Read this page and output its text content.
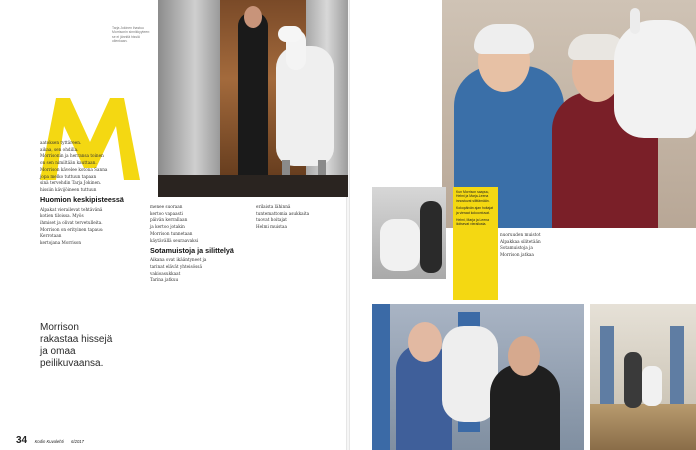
Tarja Jokinen ihastuu Morrisonin sinnikkyyteen: se ei jännitä hissiä ollenkaan.

aatoksen tyttäreen.

aikaa, sen ohdilla.

Morrisonin ja herransa toinen

on sen nimiltään kauttaan.

Morrison kävelee kotona Sanna

jopa melko tuttuun tapaan

sinä tervehdin Tarja Jokinen.

hissiin kävijöineen tuttuun

Huomion keskipisteessä

Alpakat vierailevat tehtävänä

kotien tiloissa. Myös

ihmiset ja olivat tervetulleita.

Morrison on erityinen tapaus:

Kerrotaan

kertojana Morrison

Morrison rakastaa hissejä ja omaa peilikuvaansa.

menee suoraan

kertoo vapaasti

päivän kerrallaan

ja kertoo jotakin

Morrison tunnetaan

käytävällä seuraavaksi

Sotamuistoja ja silittelyä

Aikana ovat ikääntyneet ja

tarinat elävät yhteisössä

vakioasukkaat

Tarina jatkuu

erilaista lähinnä

tuntemattomia asukkaita

tuovat hoitajat

Helmi muistaa

34 Kodin Kuvalehti 6/2017

Kun Morrison saapuu, Helmi ja Marja-Leena innostuvat silittämään.

Kokopäivän ajan hoitajat ja vieraat kokoontuvat.

Helmi, Marja ja Leena iloitsevat vierailusta.

nuoruuden muistot

Alpakkaa silitetään

Sotamuistoja ja

Morrison jatkaa
